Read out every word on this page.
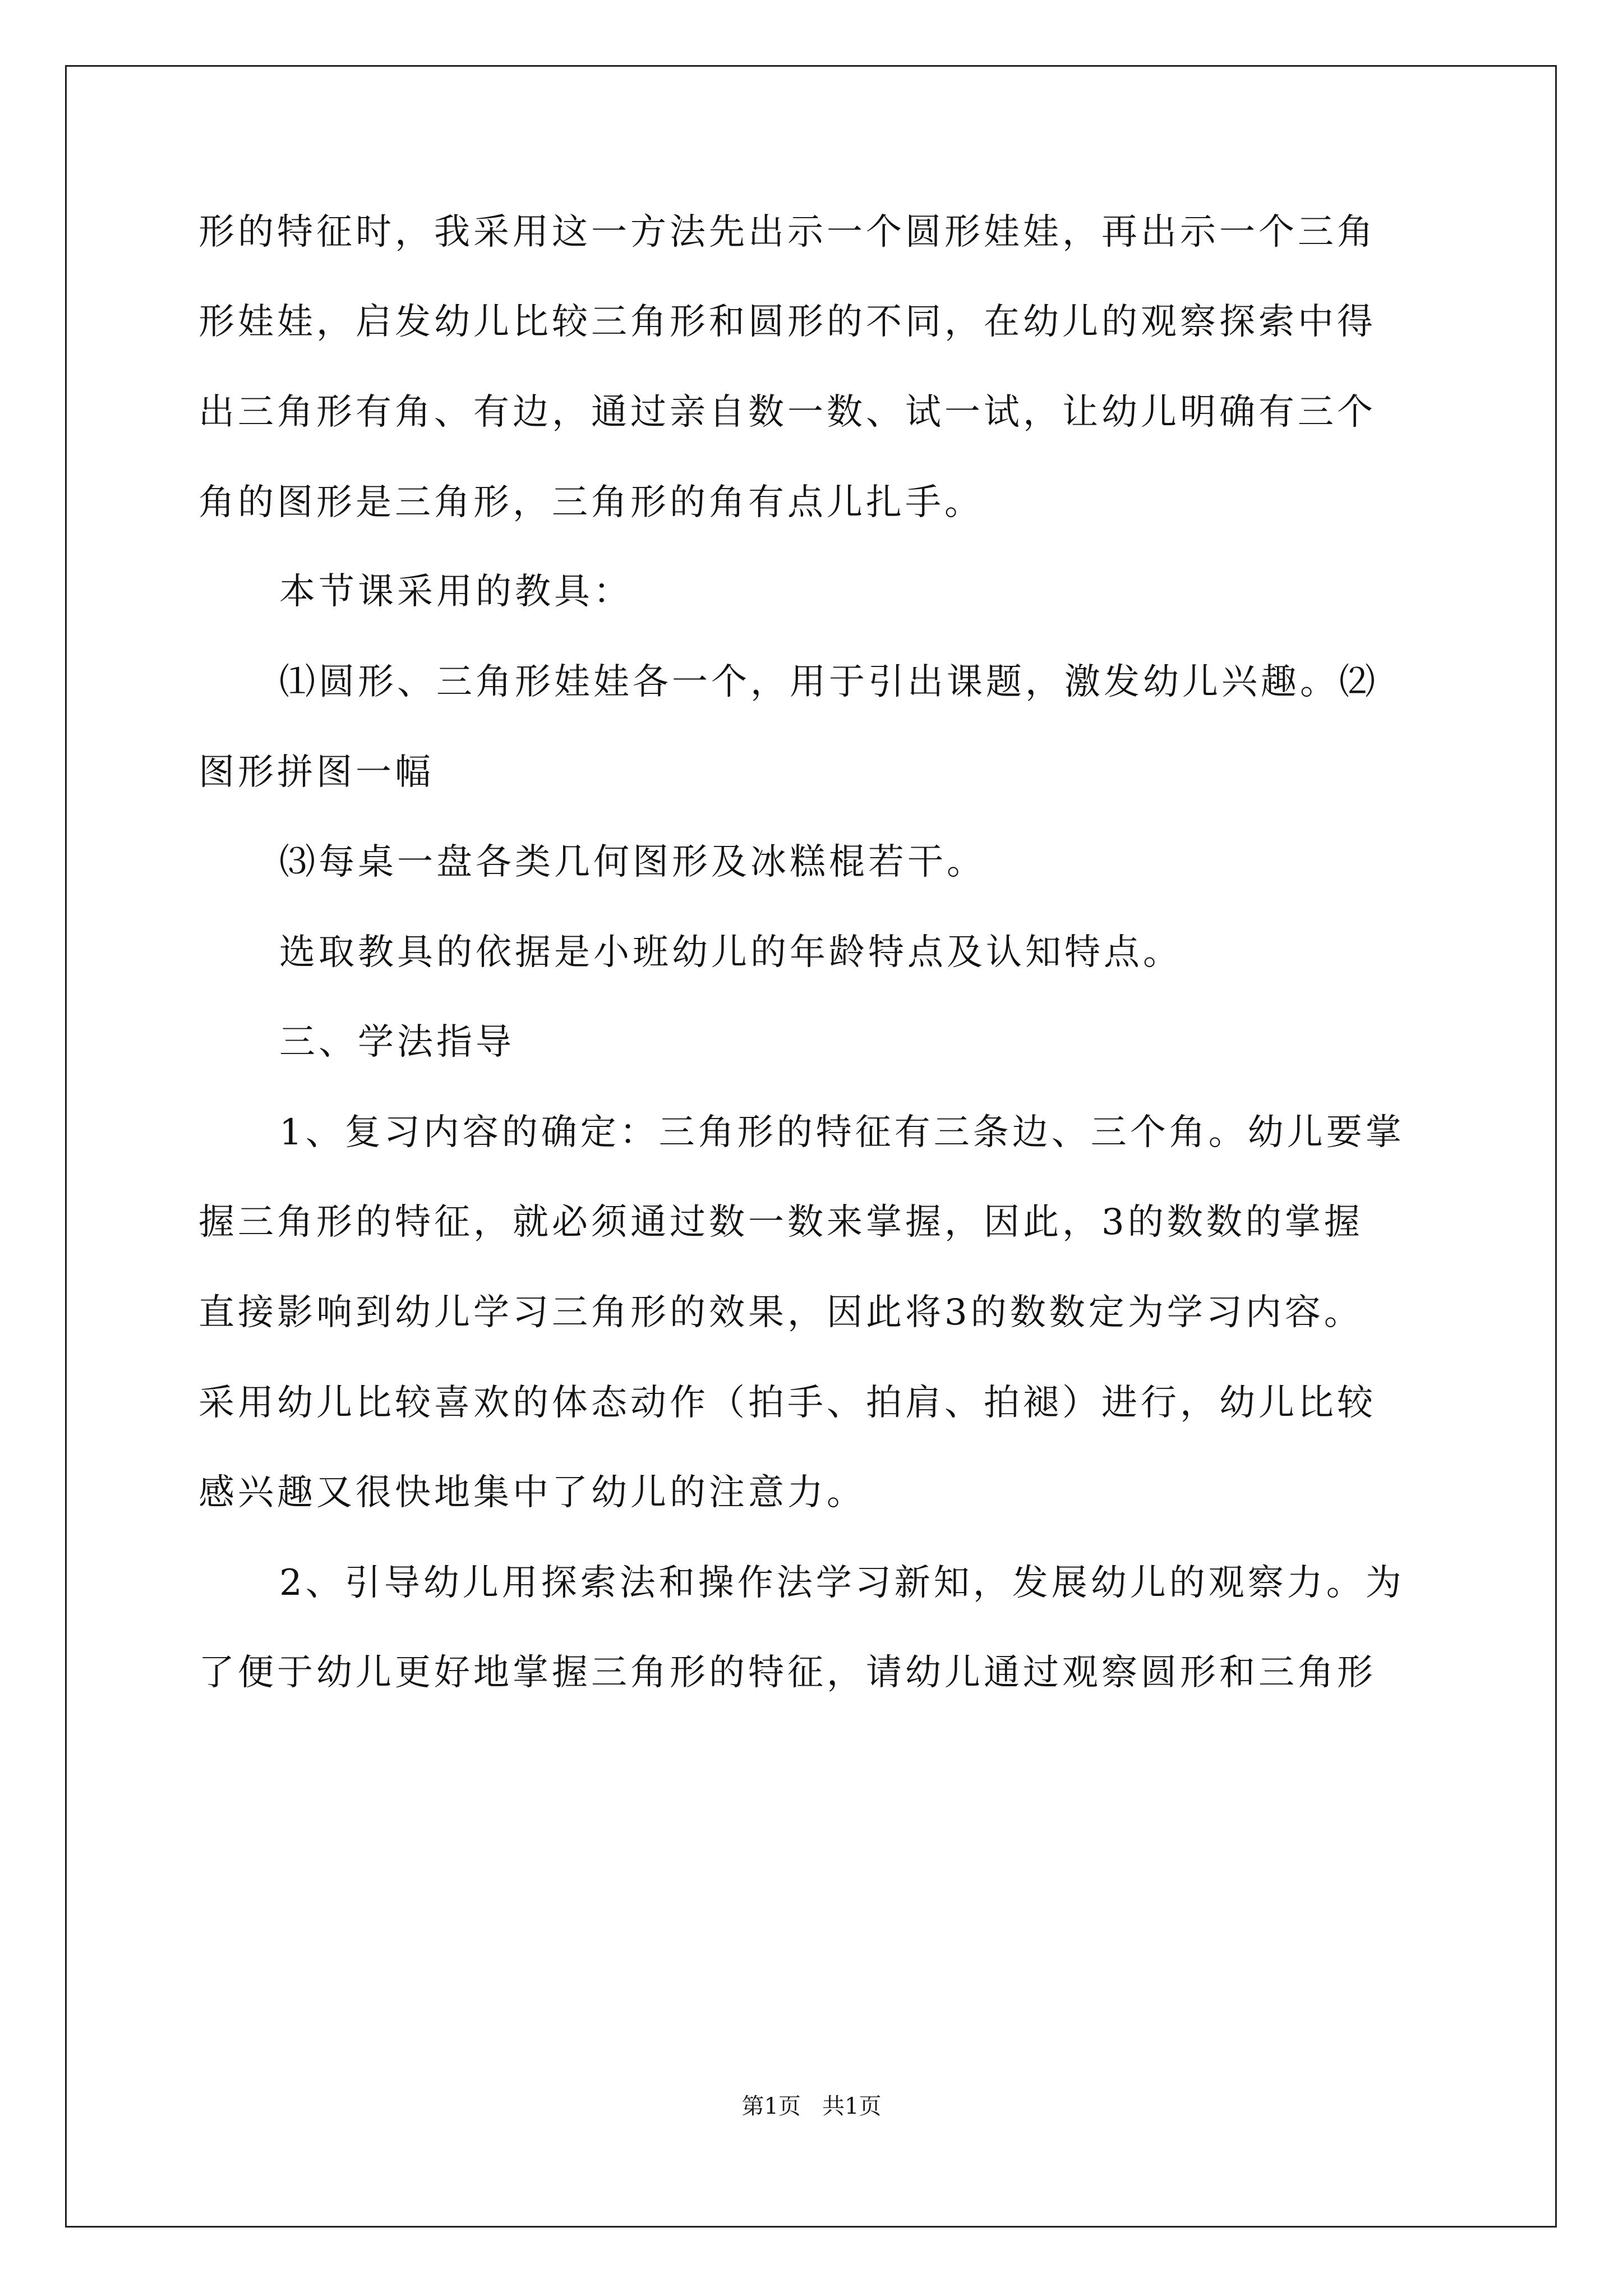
形的特征时，我采用这一方法先出示一个圆形娃娃，再出示一个三角
形娃娃，启发幼儿比较三角形和圆形的不同，在幼儿的观察探索中得
出三角形有角、有边，通过亲自数一数、试一试，让幼儿明确有三个
角的图形是三角形，三角形的角有点儿扎手。
本节课采用的教具：
⑴圆形、三角形娃娃各一个，用于引出课题，激发幼儿兴趣。⑵
图形拼图一幅
⑶每桌一盘各类几何图形及冰糕棍若干。
选取教具的依据是小班幼儿的年龄特点及认知特点。
三、学法指导
1、复习内容的确定：三角形的特征有三条边、三个角。幼儿要掌
握三角形的特征，就必须通过数一数来掌握，因此，3的数数的掌握
直接影响到幼儿学习三角形的效果，因此将3的数数定为学习内容。
采用幼儿比较喜欢的体态动作（拍手、拍肩、拍褪）进行，幼儿比较
感兴趣又很快地集中了幼儿的注意力。
2、引导幼儿用探索法和操作法学习新知，发展幼儿的观察力。为
了便于幼儿更好地掌握三角形的特征，请幼儿通过观察圆形和三角形
第1页   共1页
